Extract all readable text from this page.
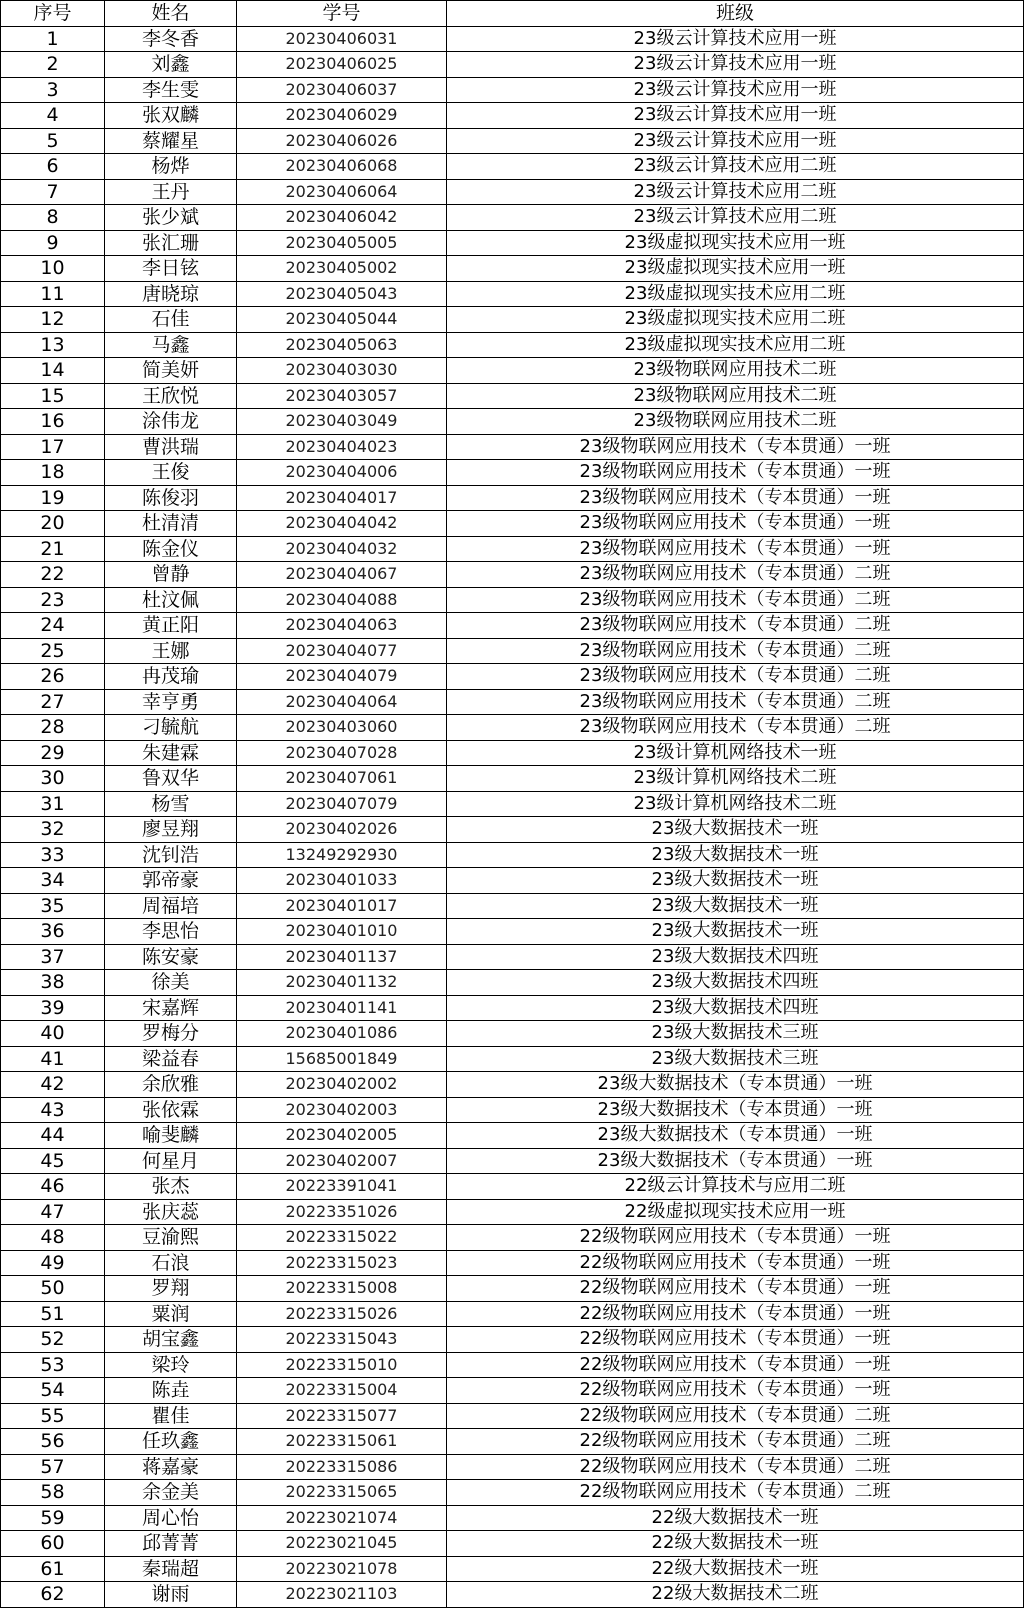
序号	姓名	学号	班级
1	李冬香	20230406031	23级云计算技术应用一班
2	刘鑫	20230406025	23级云计算技术应用一班
3	李生雯	20230406037	23级云计算技术应用一班
4	张双麟	20230406029	23级云计算技术应用一班
5	蔡耀星	20230406026	23级云计算技术应用一班
6	杨烨	20230406068	23级云计算技术应用二班
7	王丹	20230406064	23级云计算技术应用二班
8	张少斌	20230406042	23级云计算技术应用二班
9	张汇珊	20230405005	23级虚拟现实技术应用一班
10	李日铉	20230405002	23级虚拟现实技术应用一班
11	唐晓琼	20230405043	23级虚拟现实技术应用二班
12	石佳	20230405044	23级虚拟现实技术应用二班
13	马鑫	20230405063	23级虚拟现实技术应用二班
14	简美妍	20230403030	23级物联网应用技术二班
15	王欣悦	20230403057	23级物联网应用技术二班
16	涂伟龙	20230403049	23级物联网应用技术二班
17	曹洪瑞	20230404023	23级物联网应用技术（专本贯通）一班
18	王俊	20230404006	23级物联网应用技术（专本贯通）一班
19	陈俊羽	20230404017	23级物联网应用技术（专本贯通）一班
20	杜清清	20230404042	23级物联网应用技术（专本贯通）一班
21	陈金仪	20230404032	23级物联网应用技术（专本贯通）一班
22	曾静	20230404067	23级物联网应用技术（专本贯通）二班
23	杜汶佩	20230404088	23级物联网应用技术（专本贯通）二班
24	黄正阳	20230404063	23级物联网应用技术（专本贯通）二班
25	王娜	20230404077	23级物联网应用技术（专本贯通）二班
26	冉茂瑜	20230404079	23级物联网应用技术（专本贯通）二班
27	幸亨勇	20230404064	23级物联网应用技术（专本贯通）二班
28	刁毓航	20230403060	23级物联网应用技术（专本贯通）二班
29	朱建霖	20230407028	23级计算机网络技术一班
30	鲁双华	20230407061	23级计算机网络技术二班
31	杨雪	20230407079	23级计算机网络技术二班
32	廖昱翔	20230402026	23级大数据技术一班
33	沈钊浩	13249292930	23级大数据技术一班
34	郭帝豪	20230401033	23级大数据技术一班
35	周福培	20230401017	23级大数据技术一班
36	李思怡	20230401010	23级大数据技术一班
37	陈安豪	20230401137	23级大数据技术四班
38	徐美	20230401132	23级大数据技术四班
39	宋嘉辉	20230401141	23级大数据技术四班
40	罗梅分	20230401086	23级大数据技术三班
41	梁益春	15685001849	23级大数据技术三班
42	余欣雅	20230402002	23级大数据技术（专本贯通）一班
43	张依霖	20230402003	23级大数据技术（专本贯通）一班
44	喻斐麟	20230402005	23级大数据技术（专本贯通）一班
45	何星月	20230402007	23级大数据技术（专本贯通）一班
46	张杰	20223391041	22级云计算技术与应用二班
47	张庆蕊	20223351026	22级虚拟现实技术应用一班
48	豆渝熙	20223315022	22级物联网应用技术（专本贯通）一班
49	石浪	20223315023	22级物联网应用技术（专本贯通）一班
50	罗翔	20223315008	22级物联网应用技术（专本贯通）一班
51	粟润	20223315026	22级物联网应用技术（专本贯通）一班
52	胡宝鑫	20223315043	22级物联网应用技术（专本贯通）一班
53	梁玲	20223315010	22级物联网应用技术（专本贯通）一班
54	陈垚	20223315004	22级物联网应用技术（专本贯通）一班
55	瞿佳	20223315077	22级物联网应用技术（专本贯通）二班
56	任玖鑫	20223315061	22级物联网应用技术（专本贯通）二班
57	蒋嘉豪	20223315086	22级物联网应用技术（专本贯通）二班
58	余金美	20223315065	22级物联网应用技术（专本贯通）二班
59	周心怡	20223021074	22级大数据技术一班
60	邱菁菁	20223021045	22级大数据技术一班
61	秦瑞超	20223021078	22级大数据技术一班
62	谢雨	20223021103	22级大数据技术二班
